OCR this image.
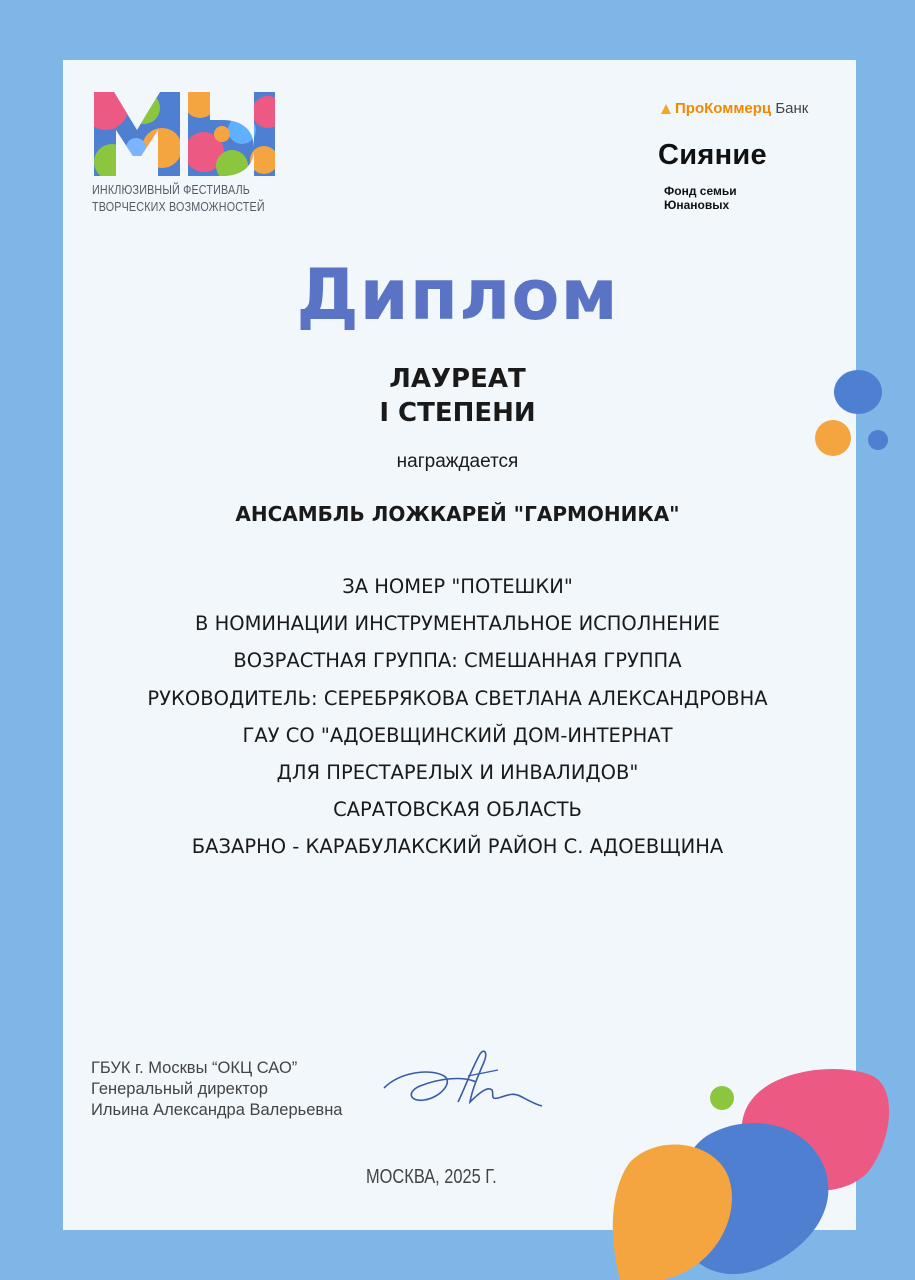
ИНКЛЮЗИВНЫЙ ФЕСТИВАЛЬ
ТВОРЧЕСКИХ ВОЗМОЖНОСТЕЙ
ПроКоммерц Банк
Сияние
Фонд семьи
Юнановых
Диплом
ЛАУРЕАТ
I СТЕПЕНИ
награждается
АНСАМБЛЬ ЛОЖКАРЕЙ "ГАРМОНИКА"
ЗА НОМЕР "ПОТЕШКИ"
В НОМИНАЦИИ ИНСТРУМЕНТАЛЬНОЕ ИСПОЛНЕНИЕ
ВОЗРАСТНАЯ ГРУППА: СМЕШАННАЯ ГРУППА
РУКОВОДИТЕЛЬ: СЕРЕБРЯКОВА СВЕТЛАНА АЛЕКСАНДРОВНА
ГАУ СО "АДОЕВЩИНСКИЙ ДОМ-ИНТЕРНАТ
ДЛЯ ПРЕСТАРЕЛЫХ И ИНВАЛИДОВ"
САРАТОВСКАЯ ОБЛАСТЬ
БАЗАРНО - КАРАБУЛАКСКИЙ РАЙОН С. АДОЕВЩИНА
ГБУК г. Москвы “ОКЦ САО”
Генеральный директор
Ильина Александра Валерьевна
МОСКВА, 2025 Г.
